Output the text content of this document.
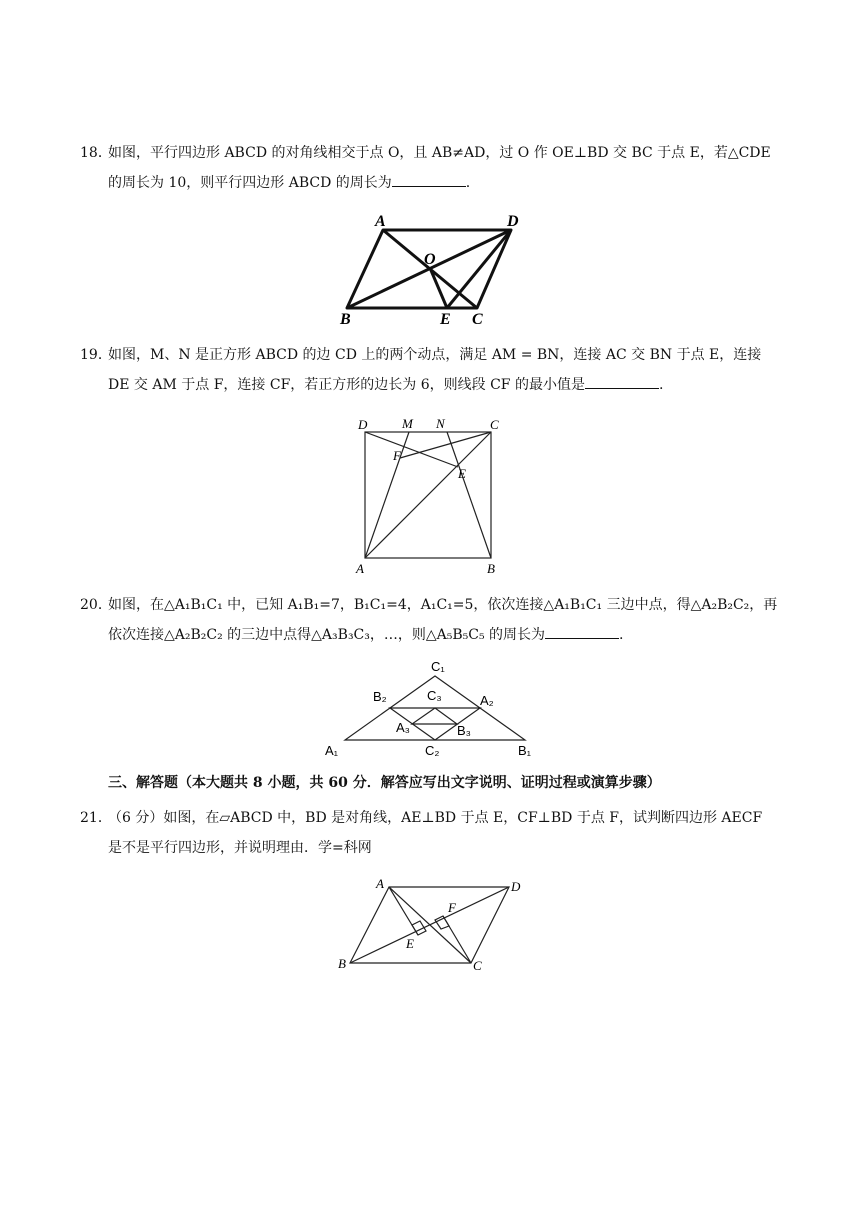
18．如图，平行四边形 ABCD 的对角线相交于点 O，且 AB≠AD，过 O 作 OE⊥BD 交 BC 于点 E，若△CDE
的周长为 10，则平行四边形 ABCD 的周长为	.
A	D
O
B	E C
19．如图，M、N 是正方形 ABCD 的边 CD 上的两个动点，满足 AM = BN，连接 AC 交 BN 于点 E，连接
DE 交 AM 于点 F，连接 CF，若正方形的边长为 6，则线段 CF 的最小值是	.
D	M N	C
F
E
A	B
20．如图，在△A₁B₁C₁ 中，已知 A₁B₁=7，B₁C₁=4，A₁C₁=5，依次连接△A₁B₁C₁ 三边中点，得△A₂B₂C₂，再
依次连接△A₂B₂C₂ 的三边中点得△A₃B₃C₃，…，则△A₅B₅C₅ 的周长为	.
C₁
B₂	C₃	A₂
A₃	B₃
A₁	C₂	B₁
三、解答题（本大题共 8 小题，共 60 分．解答应写出文字说明、证明过程或演算步骤）
21．（6 分）如图，在▱ABCD 中，BD 是对角线，AE⊥BD 于点 E，CF⊥BD 于点 F，试判断四边形 AECF
是不是平行四边形，并说明理由．学=科网
A	D
F
E
B	C
